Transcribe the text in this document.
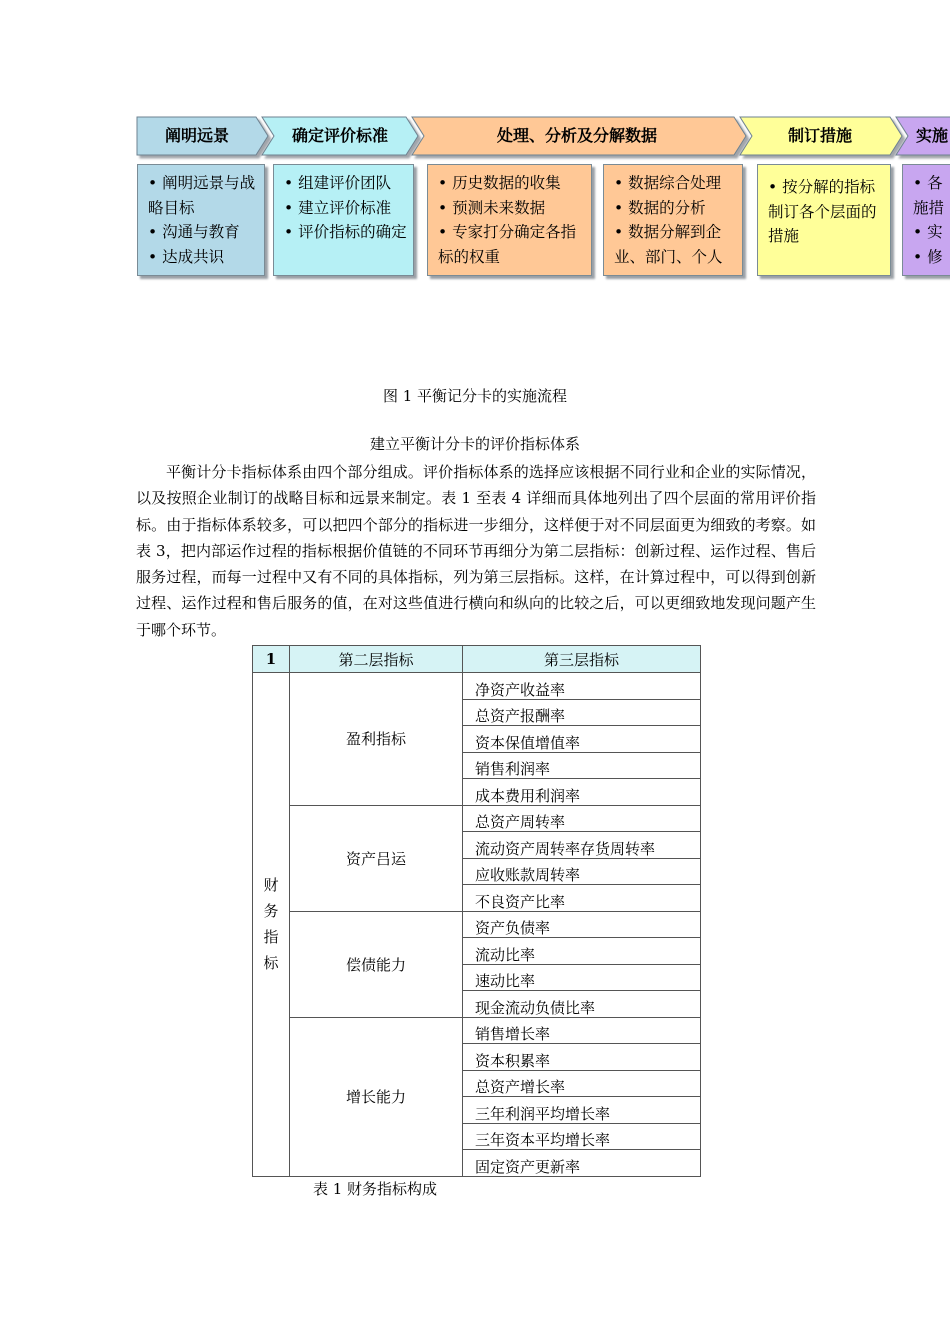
阐明远景	确定评价标准	处理、分析及分解数据	制订措施	实施
• 阐明远景与战略目标
• 沟通与教育
• 达成共识
• 组建评价团队
• 建立评价标准
• 评价指标的确定
• 历史数据的收集
• 预测未来数据
• 专家打分确定各指标的权重
• 数据综合处理
• 数据的分析
• 数据分解到企业、部门、个人
• 按分解的指标制订各个层面的措施
• 各
施措
• 实
• 修
图 1 平衡记分卡的实施流程
建立平衡计分卡的评价指标体系
平衡计分卡指标体系由四个部分组成。评价指标体系的选择应该根据不同行业和企业的实际情况，以及按照企业制订的战略目标和远景来制定。表 1 至表 4 详细而具体地列出了四个层面的常用评价指标。由于指标体系较多，可以把四个部分的指标进一步细分，这样便于对不同层面更为细致的考察。如表 3，把内部运作过程的指标根据价值链的不同环节再细分为第二层指标：创新过程、运作过程、售后服务过程，而每一过程中又有不同的具体指标，列为第三层指标。这样，在计算过程中，可以得到创新过程、运作过程和售后服务的值，在对这些值进行横向和纵向的比较之后，可以更细致地发现问题产生于哪个环节。
1	第二层指标	第三层指标
财务指标	盈利指标	净资产收益率
		总资产报酬率
		资本保值增值率
		销售利润率
		成本费用利润率
	资产吕运	总资产周转率
		流动资产周转率存货周转率
		应收账款周转率
		不良资产比率
	偿债能力	资产负债率
		流动比率
		速动比率
		现金流动负债比率
	增长能力	销售增长率
		资本积累率
		总资产增长率
		三年利润平均增长率
		三年资本平均增长率
		固定资产更新率
表 1 财务指标构成
